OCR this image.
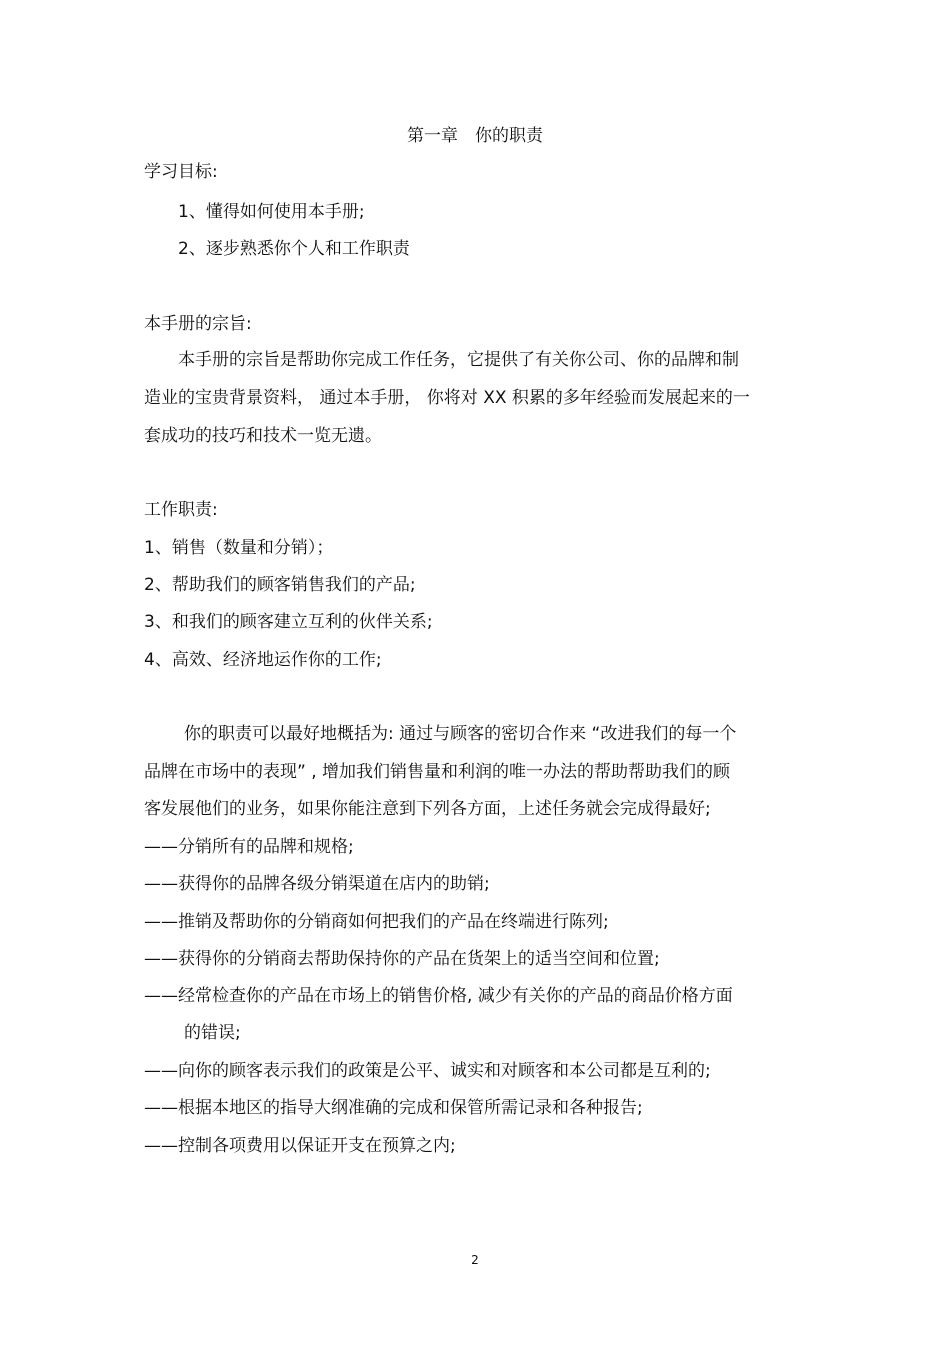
第一章　你的职责
学习目标:
1、懂得如何使用本手册;
2、逐步熟悉你个人和工作职责
本手册的宗旨:
本手册的宗旨是帮助你完成工作任务，它提供了有关你公司、你的品牌和制
造业的宝贵背景资料， 通过本手册， 你将对 XX 积累的多年经验而发展起来的一
套成功的技巧和技术一览无遗。
工作职责:
1、销售（数量和分销）；
2、帮助我们的顾客销售我们的产品;
3、和我们的顾客建立互利的伙伴关系;
4、高效、经济地运作你的工作;
你的职责可以最好地概括为: 通过与顾客的密切合作来 “改进我们的每一个
品牌在市场中的表现” , 增加我们销售量和利润的唯一办法的帮助帮助我们的顾
客发展他们的业务，如果你能注意到下列各方面，上述任务就会完成得最好;
——分销所有的品牌和规格;
——获得你的品牌各级分销渠道在店内的助销;
——推销及帮助你的分销商如何把我们的产品在终端进行陈列;
——获得你的分销商去帮助保持你的产品在货架上的适当空间和位置;
——经常检查你的产品在市场上的销售价格, 减少有关你的产品的商品价格方面
的错误;
——向你的顾客表示我们的政策是公平、诚实和对顾客和本公司都是互利的;
——根据本地区的指导大纲准确的完成和保管所需记录和各种报告;
——控制各项费用以保证开支在预算之内;
2
